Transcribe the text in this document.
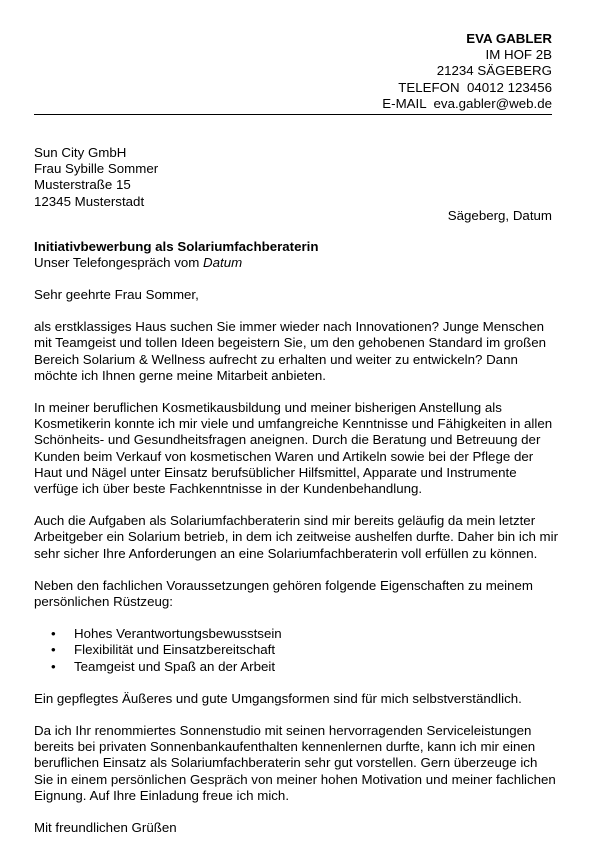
EVA GABLER
IM HOF 2B
21234 SÄGEBERG
TELEFON  04012 123456
E-MAIL  eva.gabler@web.de
Sun City GmbH
Frau Sybille Sommer
Musterstraße 15
12345 Musterstadt
Sägeberg, Datum
Initiativbewerbung als Solariumfachberaterin
Unser Telefongespräch vom Datum

Sehr geehrte Frau Sommer,

als erstklassiges Haus suchen Sie immer wieder nach Innovationen? Junge Menschen mit Teamgeist und tollen Ideen begeistern Sie, um den gehobenen Standard im großen Bereich Solarium & Wellness aufrecht zu erhalten und weiter zu entwickeln? Dann möchte ich Ihnen gerne meine Mitarbeit anbieten.

In meiner beruflichen Kosmetikausbildung und meiner bisherigen Anstellung als Kosmetikerin konnte ich mir viele und umfangreiche Kenntnisse und Fähigkeiten in allen Schönheits- und Gesundheitsfragen aneignen. Durch die Beratung und Betreuung der Kunden beim Verkauf von kosmetischen Waren und Artikeln sowie bei der Pflege der Haut und Nägel unter Einsatz berufsüblicher Hilfsmittel, Apparate und Instrumente verfüge ich über beste Fachkenntnisse in der Kundenbehandlung.

Auch die Aufgaben als Solariumfachberaterin sind mir bereits geläufig da mein letzter Arbeitgeber ein Solarium betrieb, in dem ich zeitweise aushelfen durfte. Daher bin ich mir sehr sicher Ihre Anforderungen an eine Solariumfachberaterin voll erfüllen zu können.

Neben den fachlichen Voraussetzungen gehören folgende Eigenschaften zu meinem persönlichen Rüstzeug:

• Hohes Verantwortungsbewusstsein
• Flexibilität und Einsatzbereitschaft
• Teamgeist und Spaß an der Arbeit

Ein gepflegtes Äußeres und gute Umgangsformen sind für mich selbstverständlich.

Da ich Ihr renommiertes Sonnenstudio mit seinen hervorragenden Serviceleistungen bereits bei privaten Sonnenbankaufenthalten kennenlernen durfte, kann ich mir einen beruflichen Einsatz als Solariumfachberaterin sehr gut vorstellen. Gern überzeuge ich Sie in einem persönlichen Gespräch von meiner hohen Motivation und meiner fachlichen Eignung. Auf Ihre Einladung freue ich mich.

Mit freundlichen Grüßen
